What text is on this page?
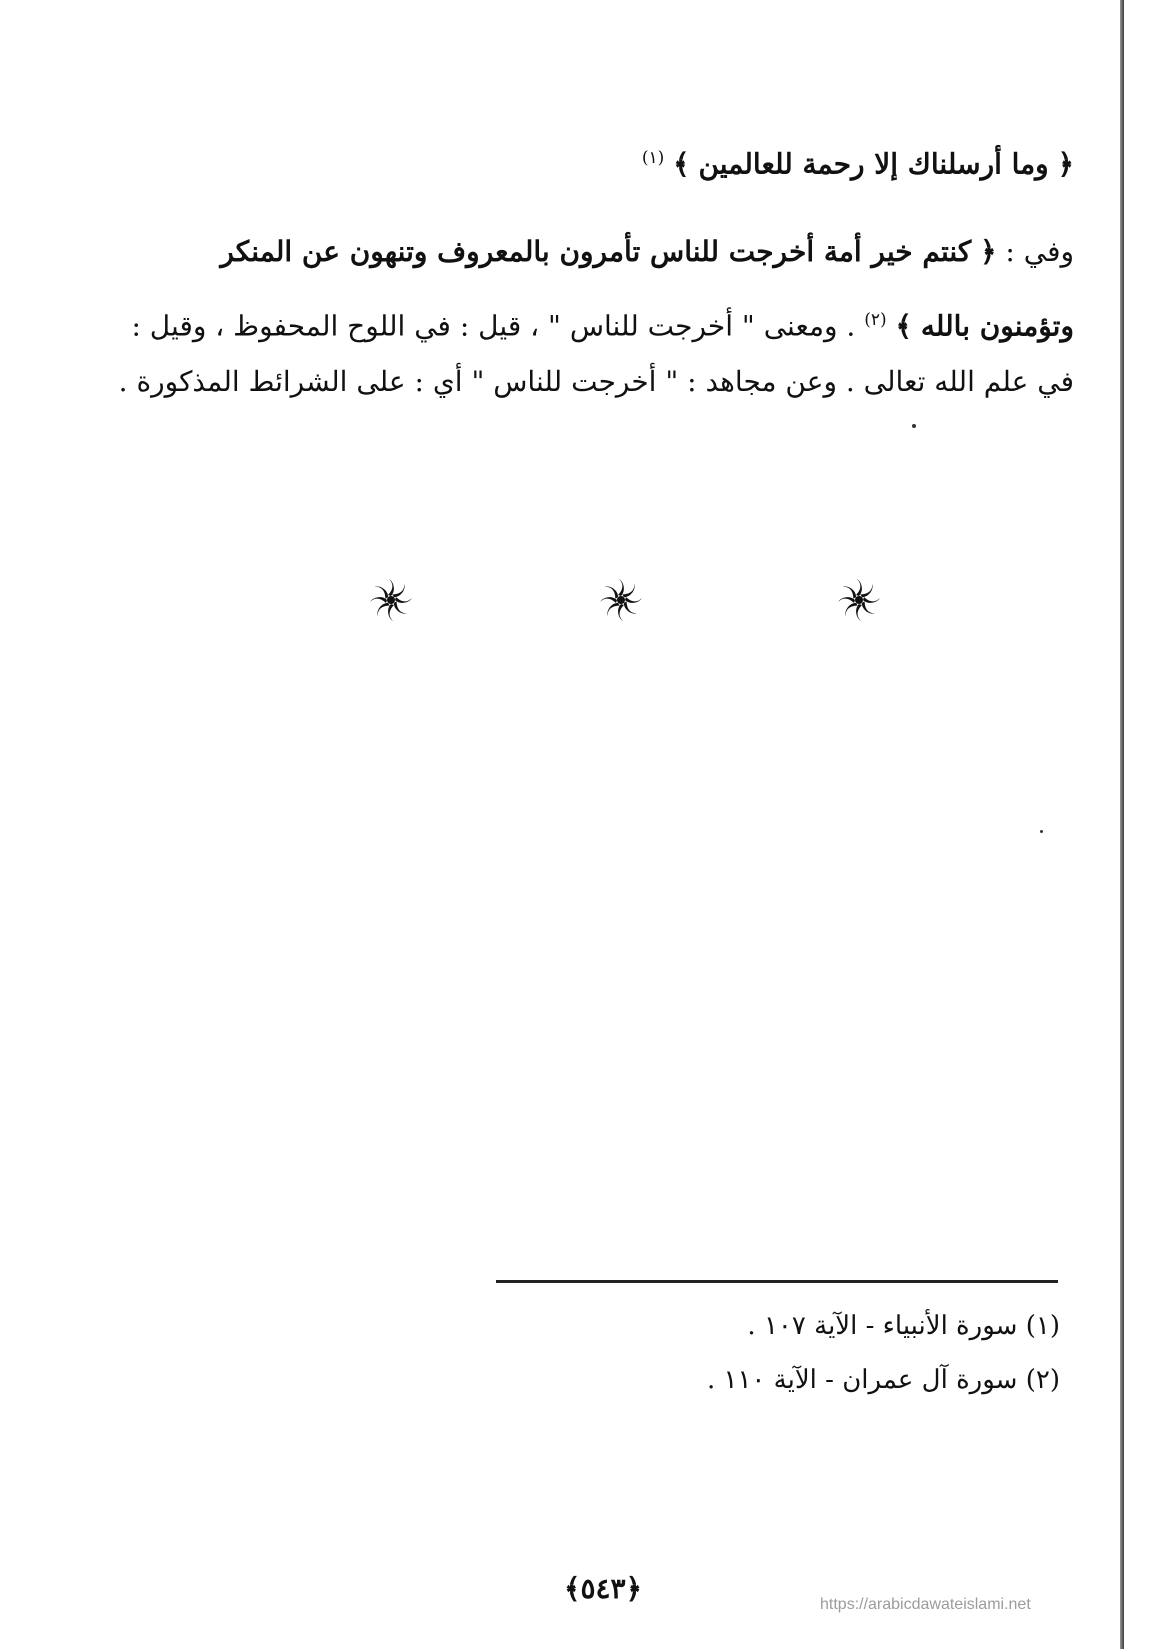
﴿ وما أرسلناك إلا رحمة للعالمين ﴾ $^{(١)}$
وفي : ﴿ كنتم خير أمة أخرجت للناس تأمرون بالمعروف وتنهون عن المنكر
وتؤمنون بالله ﴾ $^{(٢)}$ . ومعنى " أخرجت للناس " ، قيل : في اللوح المحفوظ ، وقيل :
في علم الله تعالى . وعن مجاهد : " أخرجت للناس " أي : على الشرائط المذكورة .
(١) سورة الأنبياء - الآية ١٠٧ .
(٢) سورة آل عمران - الآية ١١٠ .
﴿٥٤٣﴾	https://arabicdawateislami.net
